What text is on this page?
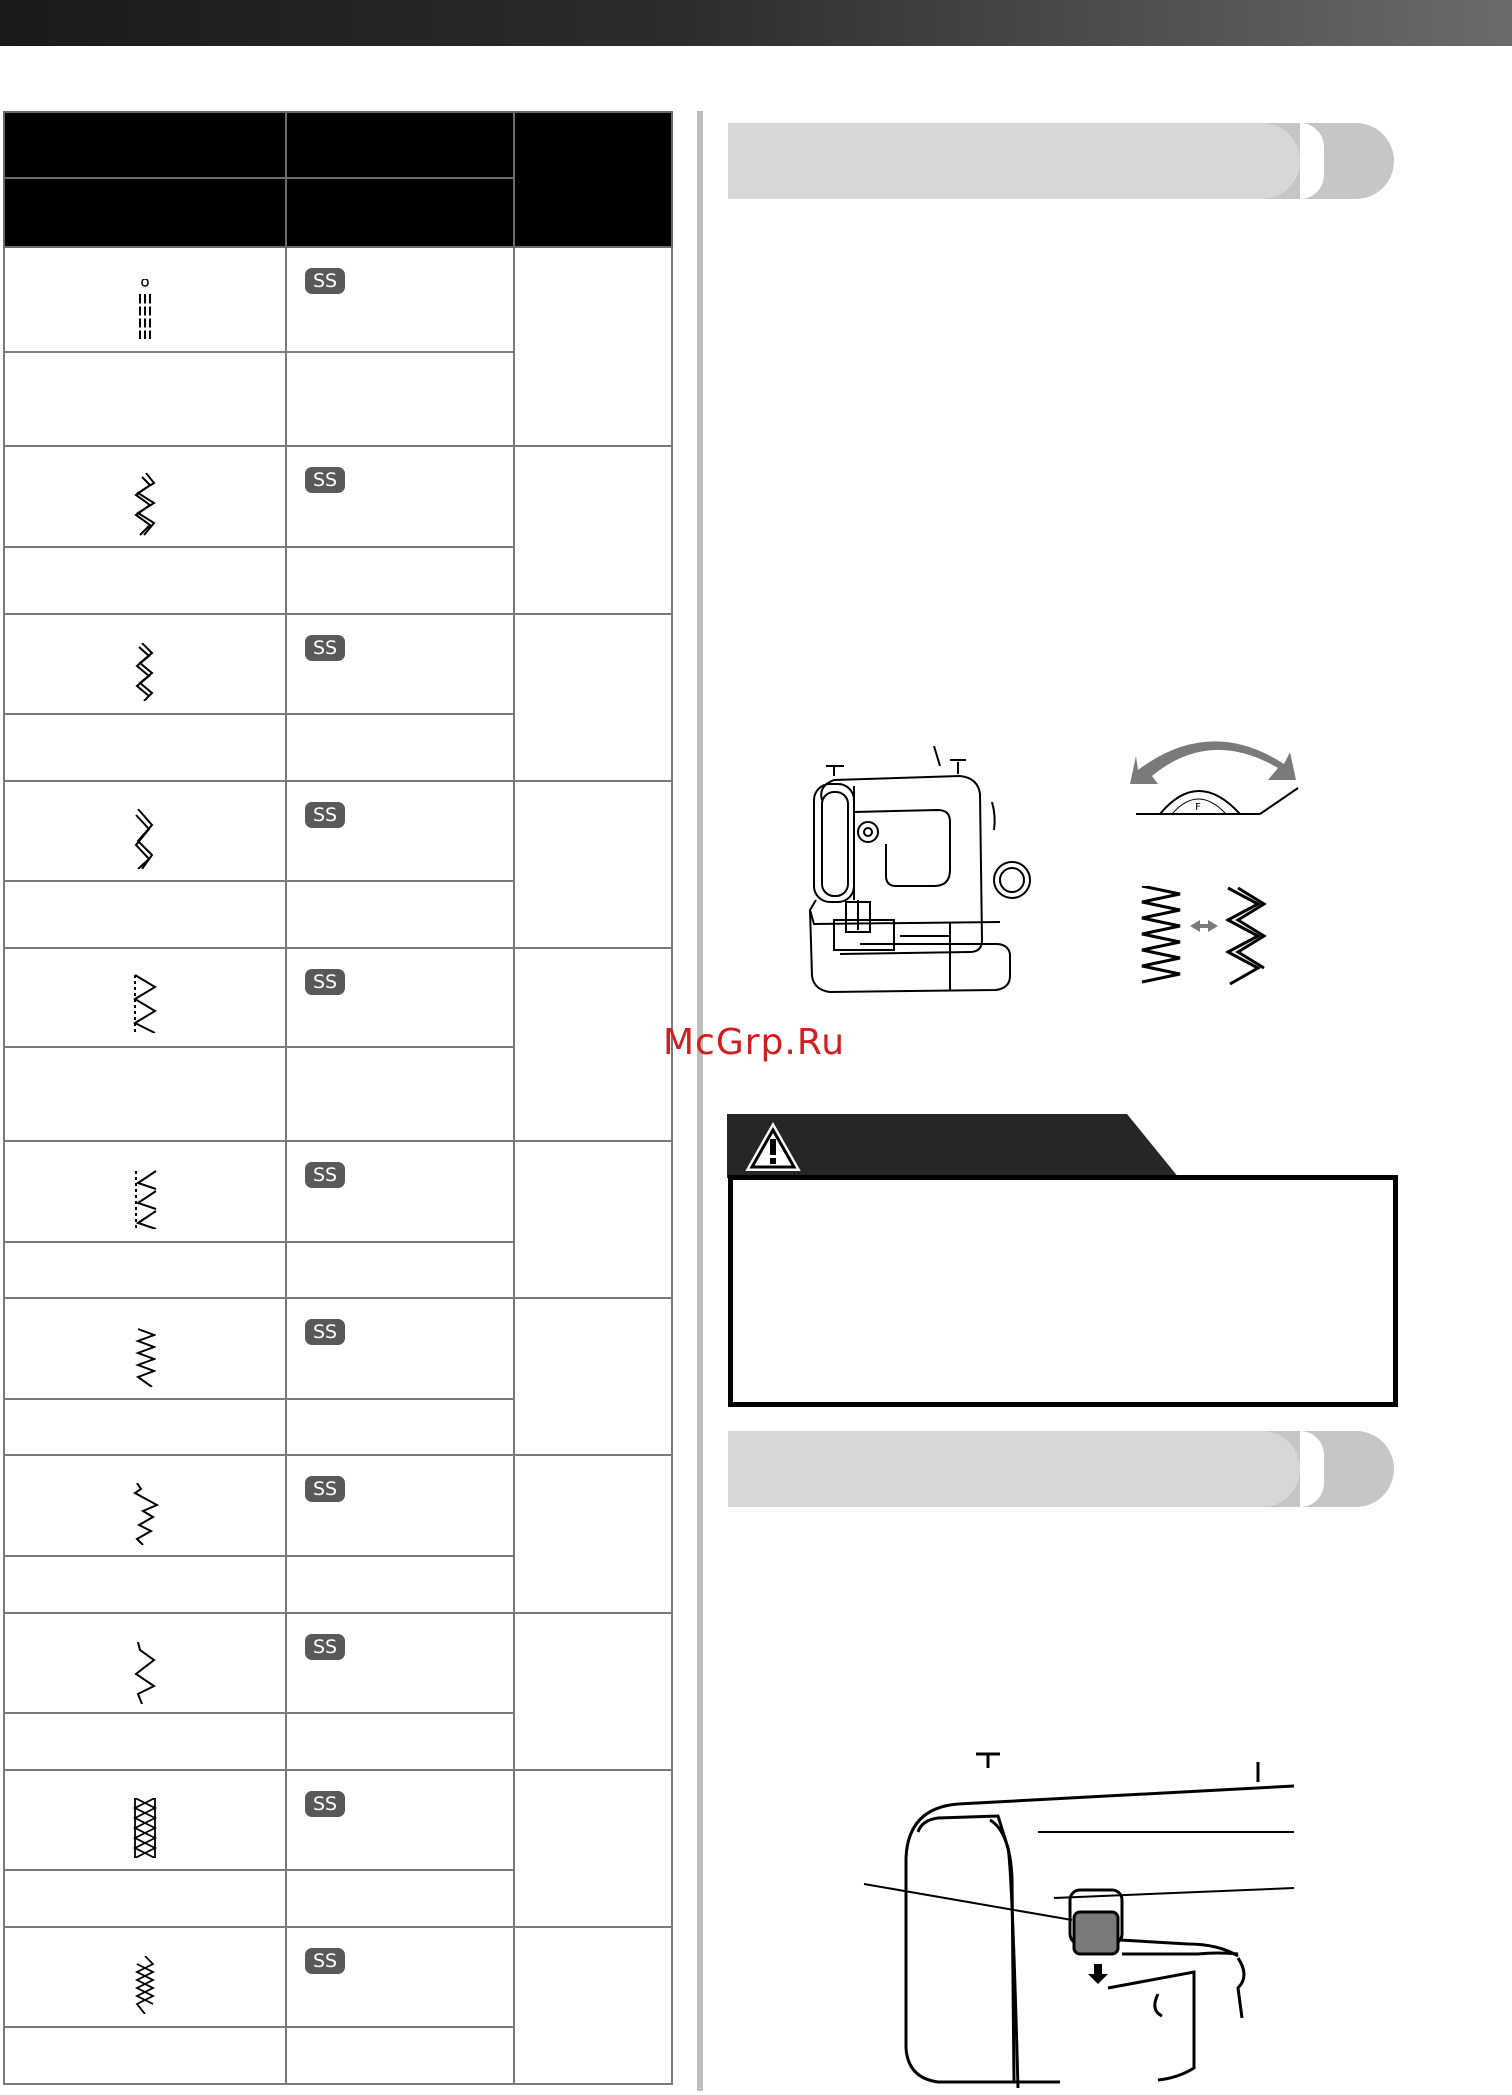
SS	

SS	

SS	

SS	

SS	

SS	

SS	

SS	

SS	

SS	

SS	

F
McGrp.Ru
